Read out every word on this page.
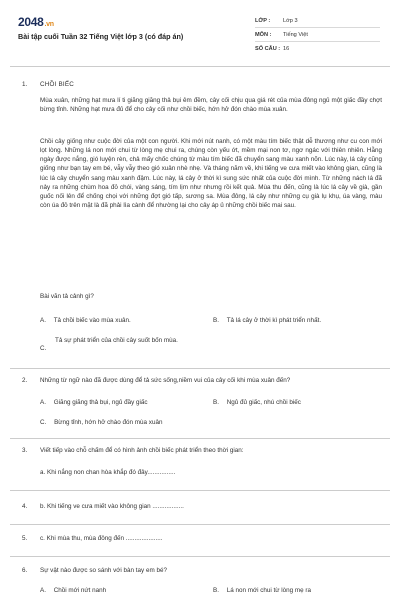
2048.vn
Bài tập cuối Tuần 32 Tiếng Việt lớp 3 (có đáp án)
LỚP : Lớp 3
MÔN : Tiếng Việt
SỐ CÂU : 16
1. CHỒI BIẾC
Mùa xuân, những hạt mưa lí ti giăng giăng thả bụi êm đềm, cây cối chịu qua giá rét của mùa đông ngủ một giấc đầy chợt bừng tỉnh. Những hạt mưa đủ để cho cây cối như chồi biếc, hớn hở đón chào mùa xuân.
Chồi cây giống như cuộc đời của một con người. Khi mới nút nanh, có một màu tím biếc thật dễ thương như cu con mới lọt lòng. Những lá non mới chui từ lòng mẹ chui ra, chúng còn yếu ớt, mềm mại non tơ, ngơ ngác với thiên nhiên. Hằng ngày được nắng, gió luyện rèn, chả mấy chốc chúng từ màu tím biếc đã chuyển sang màu xanh nõn. Lúc này, lá cây cũng giống như bạn tay em bé, vẫy vẫy theo gió xuân nhè nhẹ. Và tháng năm về, khi tiếng ve cưa miết vào không gian, cũng là lúc lá cây chuyển sang màu xanh đậm. Lúc này, lá cây ở thời kì sung sức nhất của cuộc đời mình. Từ những nách lá đã nảy ra những chùm hoa đỏ chói, vàng sáng, tím lịm như nhưng rồi kết quả. Mùa thu đến, cũng là lúc lá cây về già, gần guốc nối lên để chống chọi với những đợt gió tấp, sương sa. Mùa đông, lá cây như những cụ già lụ khụ, úa vàng, màu còn úa đỏ trên mặt là đã phải lìa cành để nhường lại cho cây áp ủ những chồi biếc mai sau.
Bài văn tả cảnh gì?
A. Tả chồi biếc vào mùa xuân.	B. Tả lá cây ở thời kì phát triển nhất.
C.
Tả sự phát triển của chồi cây suốt bốn mùa.
2. Những từ ngữ nào đã được dùng để tả sức sống,niềm vui của cây cối khi mùa xuân đến?
A. Giăng giăng thả bụi, ngủ đầy giấc	B. Ngủ đủ giấc, nhú chồi biếc
C. Bừng tỉnh, hớn hở chào đón mùa xuân
3. Viết tiếp vào chỗ chấm để có hình ảnh chồi biếc phát triển theo thời gian:
a. Khi nắng non chan hòa khắp đó đây................
4. b. Khi tiếng ve cưa miết vào không gian ..................
5. c. Khi mùa thu, mùa đông đến .....................
6. Sự vật nào được so sánh với bàn tay em bé?
A. Chồi mới nứt nanh	B. Lá non mới chui từ lòng mẹ ra
